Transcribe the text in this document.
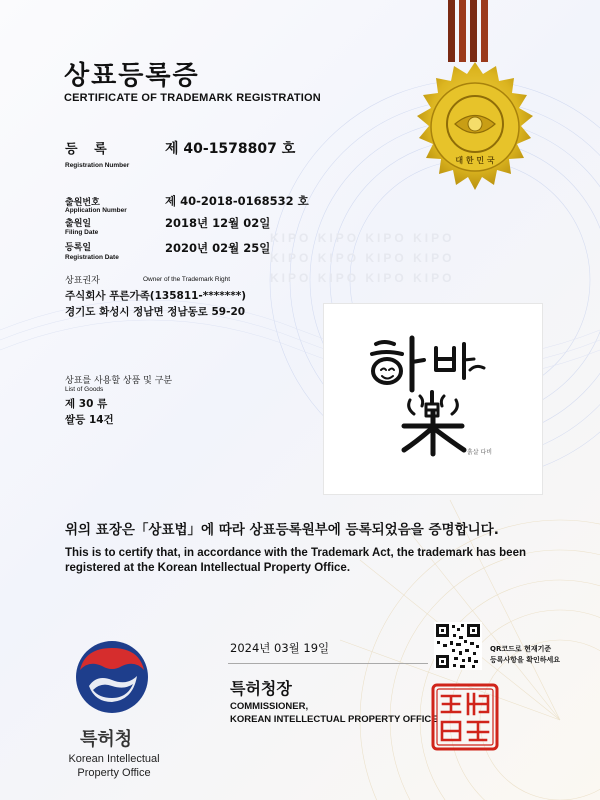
KIPO KIPO KIPO KIPO
KIPO KIPO KIPO KIPO
KIPO KIPO KIPO KIPO
대 한 민 국
상표등록증
CERTIFICATE OF TRADEMARK REGISTRATION
등 록
Registration Number
제 40-1578807 호
출원번호
Application Number
제 40-2018-0168532 호
출원일
Filing Date
2018년 12월 02일
등록일
Registration Date
2020년 02월 25일
상표권자	Owner of the Trademark Right
주식회사 푸른가족(135811-*******)
경기도 화성시 정남면 정남동로 59-20
상표를 사용할 상품 및 구분
List of Goods
제 30 류
쌀등 14건
흙살 다비
위의 표장은「상표법」에 따라 상표등록원부에 등록되었음을 증명합니다.
This is to certify that, in accordance with the Trademark Act, the trademark has been registered at the Korean Intellectual Property Office.
특허청
Korean Intellectual
Property Office
2024년 03월 19일	QR코드로 현재기준
등록사항을 확인하세요
특허청장
COMMISSIONER,
KOREAN INTELLECTUAL PROPERTY OFFICE
